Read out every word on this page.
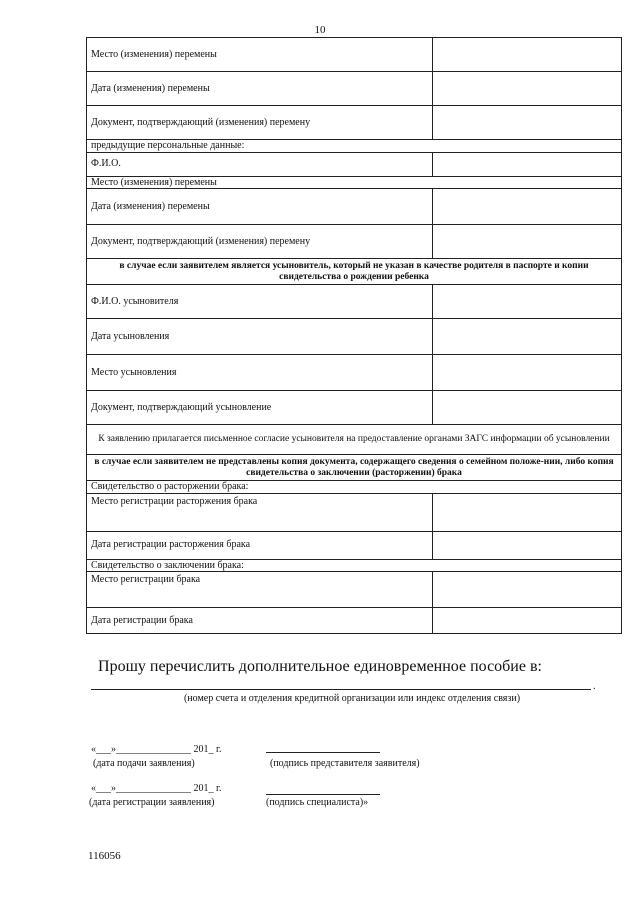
10
Место (изменения) перемены	
Дата (изменения) перемены	
Документ, подтверждающий (изменения) перемену	
предыдущие персональные данные:	
Ф.И.О.	
Место (изменения) перемены	
Дата (изменения) перемены	
Документ, подтверждающий (изменения) перемену	
в случае если заявителем является усыновитель, который не указан в качестве родителя в паспорте и копии свидетельства о рождении ребенка	
Ф.И.О. усыновителя	
Дата усыновления	
Место усыновления	
Документ, подтверждающий усыновление	
К заявлению прилагается письменное согласие усыновителя на предоставление органами ЗАГС информации об усыновлении	
в случае если заявителем не представлены копия документа, содержащего сведения о семейном положе-нии, либо копия свидетельства о заключении (расторжении) брака	
Свидетельство о расторжении брака:	
Место регистрации расторжения брака	
Дата регистрации расторжения брака	
Свидетельство о заключении брака:	
Место регистрации брака	
Дата регистрации брака	
Прошу перечислить дополнительное единовременное пособие в:
.
(номер счета и отделения кредитной организации или индекс отделения связи)
«___»_______________ 201_ г.
(дата подачи заявления)	(подпись представителя заявителя)
«___»_______________ 201_ г.
(дата регистрации заявления)	(подпись специалиста)»
116056
